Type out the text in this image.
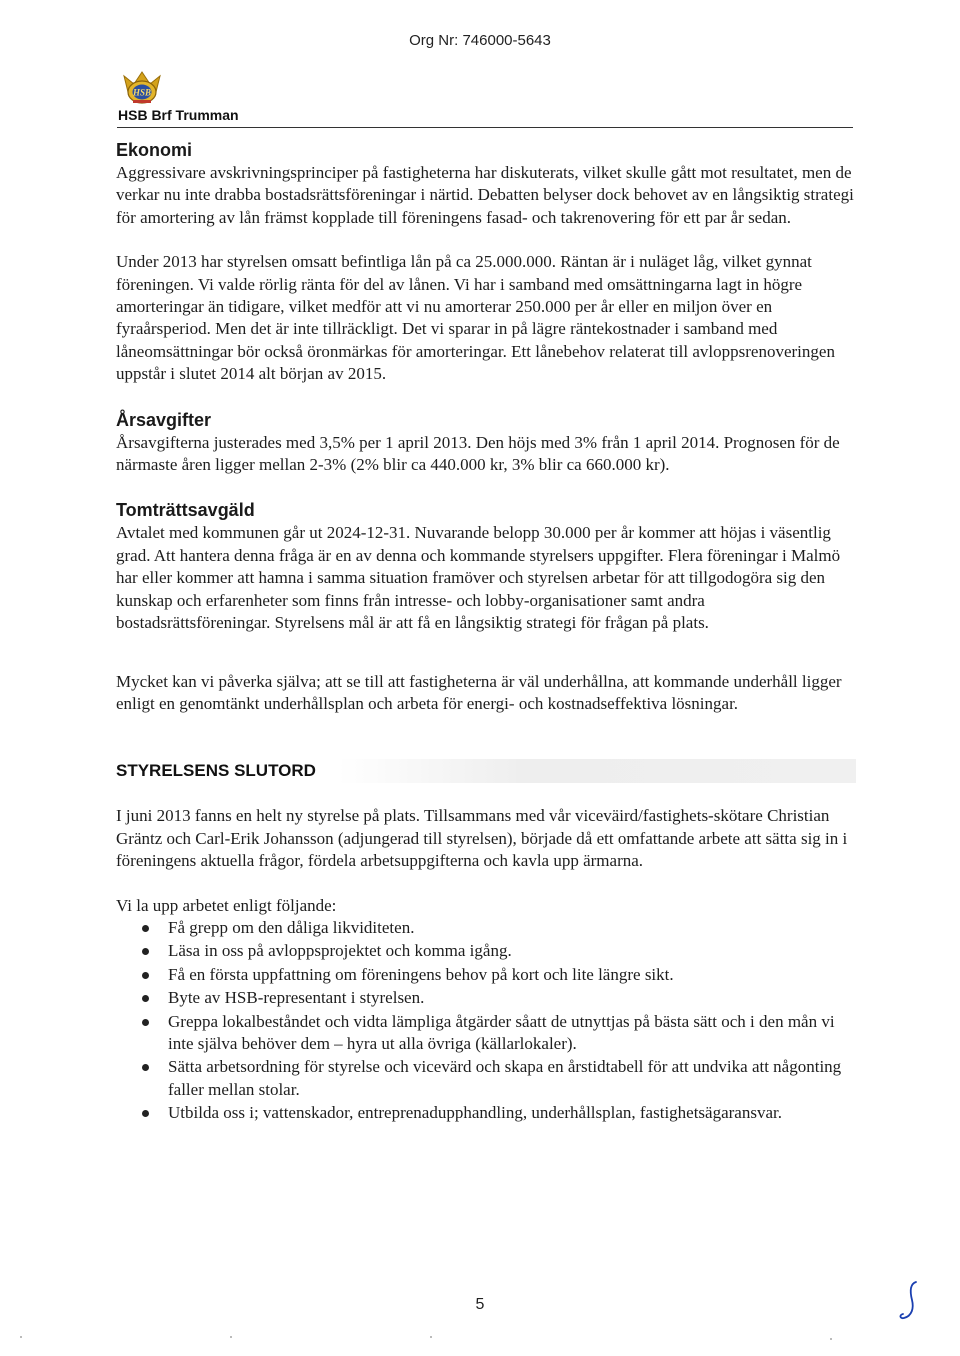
Org Nr: 746000-5643
HSB
HSB Brf Trumman
Ekonomi

Aggressivare avskrivningsprinciper på fastigheterna har diskuterats, vilket skulle gått mot resultatet, men de verkar nu inte drabba bostadsrättsföreningar i närtid. Debatten belyser dock behovet av en långsiktig strategi för amortering av lån främst kopplade till föreningens fasad- och takrenovering för ett par år sedan.

Under 2013 har styrelsen omsatt befintliga lån på ca 25.000.000. Räntan är i nuläget låg, vilket gynnat föreningen. Vi valde rörlig ränta för del av lånen. Vi har i samband med omsättningarna lagt in högre amorteringar än tidigare, vilket medför att vi nu amorterar 250.000 per år eller en miljon över en fyraårsperiod. Men det är inte tillräckligt. Det vi sparar in på lägre räntekostnader i samband med låneomsättningar bör också öronmärkas för amorteringar. Ett lånebehov relaterat till avloppsrenoveringen uppstår i slutet 2014 alt början av 2015.

Årsavgifter

Årsavgifterna justerades med 3,5% per 1 april 2013. Den höjs med 3% från 1 april 2014. Prognosen för de närmaste åren ligger mellan 2-3% (2% blir ca 440.000 kr, 3% blir ca 660.000 kr).

Tomträttsavgäld

Avtalet med kommunen går ut 2024-12-31. Nuvarande belopp 30.000 per år kommer att höjas i väsentlig grad. Att hantera denna fråga är en av denna och kommande styrelsers uppgifter. Flera föreningar i Malmö har eller kommer att hamna i samma situation framöver och styrelsen arbetar för att tillgodogöra sig den kunskap och erfarenheter som finns från intresse- och lobby-organisationer samt andra bostadsrättsföreningar. Styrelsens mål är att få en långsiktig strategi för frågan på plats.

Mycket kan vi påverka själva; att se till att fastigheterna är väl underhållna, att kommande underhåll ligger enligt en genomtänkt underhållsplan och arbeta för energi- och kostnadseffektiva lösningar.

STYRELSENS SLUTORD

I juni 2013 fanns en helt ny styrelse på plats. Tillsammans med vår viceväird/fastighets-skötare Christian Gräntz och Carl-Erik Johansson (adjungerad till styrelsen), började då ett omfattande arbete att sätta sig in i föreningens aktuella frågor, fördela arbetsuppgifterna och kavla upp ärmarna.

Vi la upp arbetet enligt följande:

Få grepp om den dåliga likviditeten.
Läsa in oss på avloppsprojektet och komma igång.
Få en första uppfattning om föreningens behov på kort och lite längre sikt.
Byte av HSB-representant i styrelsen.
Greppa lokalbeståndet och vidta lämpliga åtgärder såatt de utnyttjas på bästa sätt och i den mån vi inte själva behöver dem – hyra ut alla övriga (källarlokaler).
Sätta arbetsordning för styrelse och vicevärd och skapa en årstidtabell för att undvika att någonting faller mellan stolar.
Utbilda oss i; vattenskador, entreprenadupphandling, underhållsplan, fastighetsägaransvar.
5
